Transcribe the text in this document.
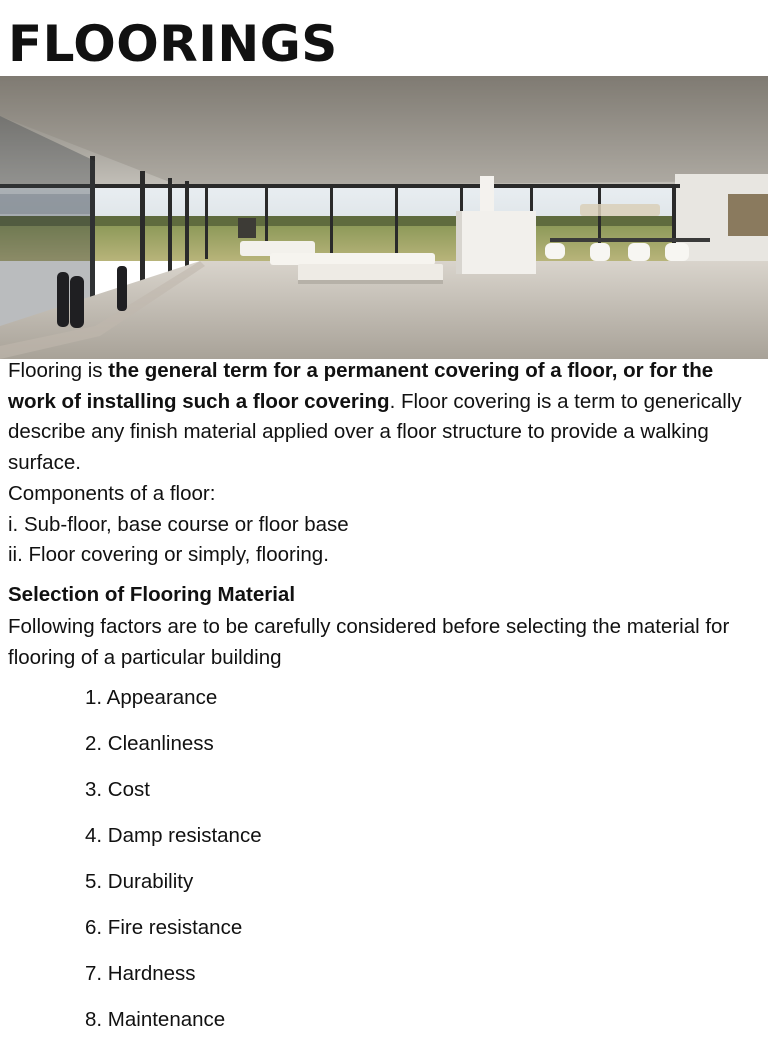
FLOORINGS

Flooring is the general term for a permanent covering of a floor, or for the work of installing such a floor covering. Floor covering is a term to generically describe any finish material applied over a floor structure to provide a walking surface.

Components of a floor:

i. Sub-floor, base course or floor base

ii. Floor covering or simply, flooring.

Selection of Flooring Material

Following factors are to be carefully considered before selecting the material for flooring of a particular building

1. Appearance
2. Cleanliness
3. Cost
4. Damp resistance
5. Durability
6. Fire resistance
7. Hardness
8. Maintenance
